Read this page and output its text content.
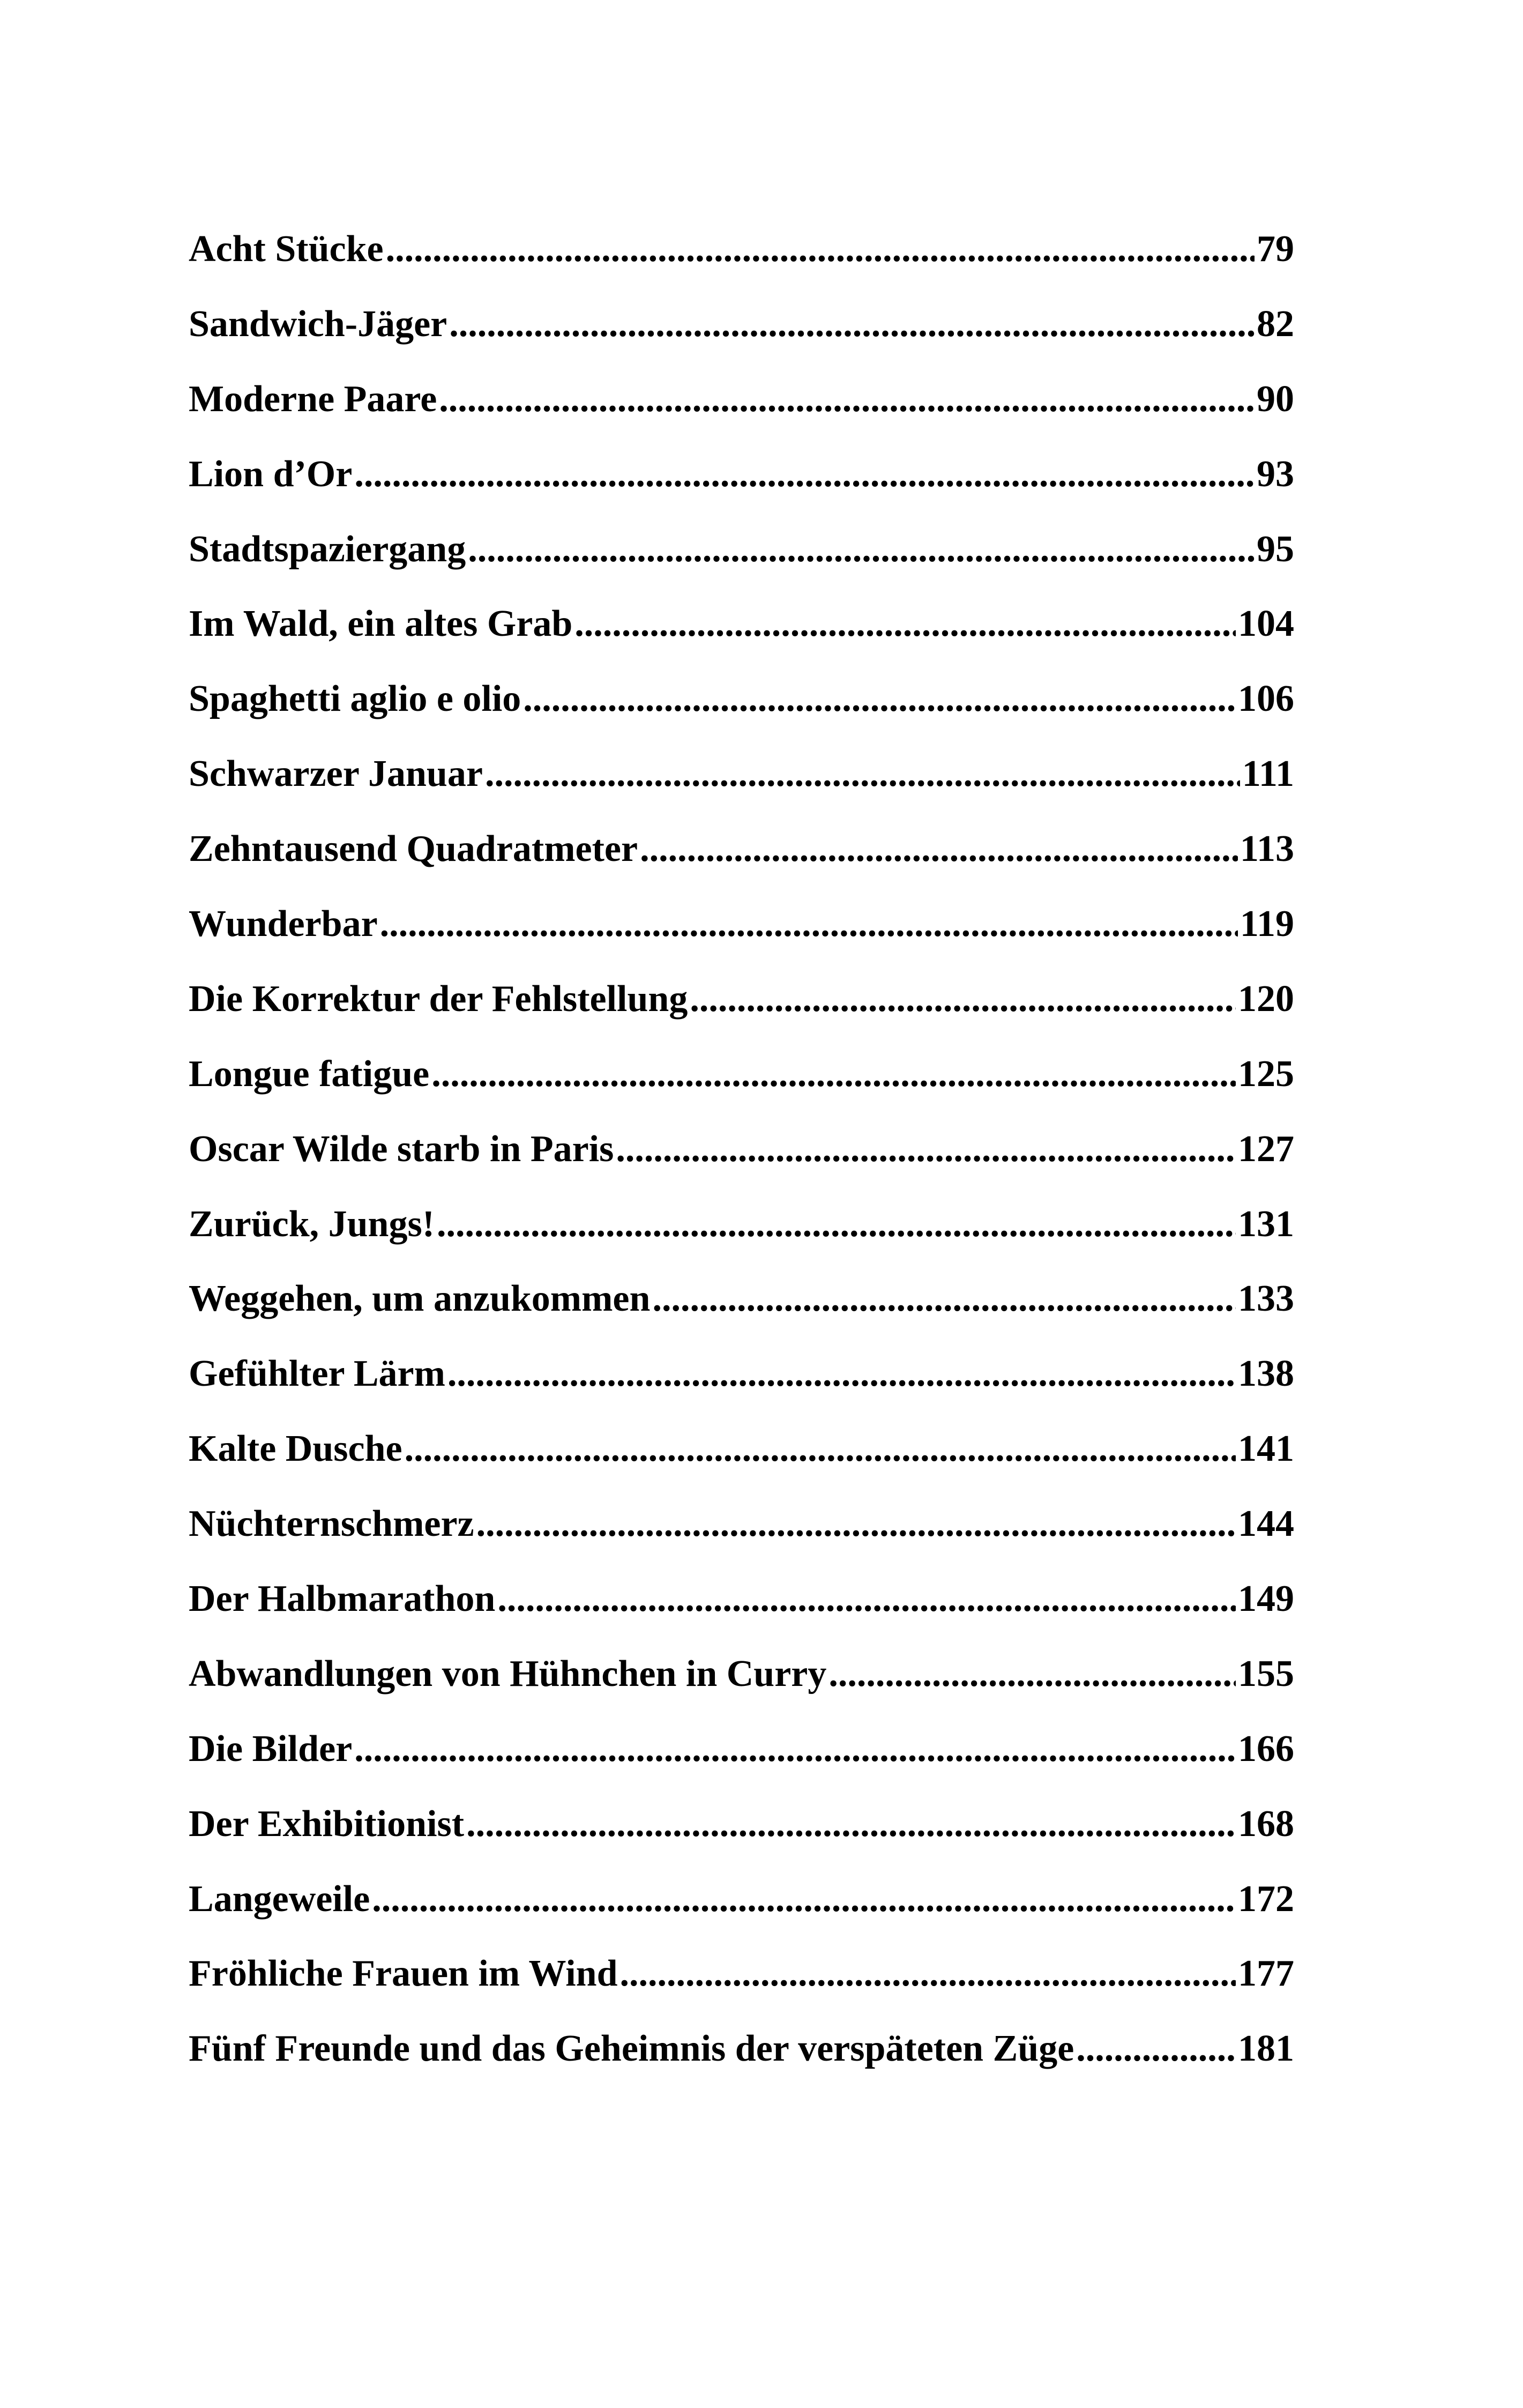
Acht Stücke .....	79
Sandwich-Jäger .....	82
Moderne Paare .....	90
Lion d’Or .....	93
Stadtspaziergang .....	95
Im Wald, ein altes Grab .....	104
Spaghetti aglio e olio .....	106
Schwarzer Januar .....	111
Zehntausend Quadratmeter .....	113
Wunderbar .....	119
Die Korrektur der Fehlstellung .....	120
Longue fatigue .....	125
Oscar Wilde starb in Paris .....	127
Zurück, Jungs! .....	131
Weggehen, um anzukommen .....	133
Gefühlter Lärm .....	138
Kalte Dusche .....	141
Nüchternschmerz .....	144
Der Halbmarathon .....	149
Abwandlungen von Hühnchen in Curry .....	155
Die Bilder .....	166
Der Exhibitionist .....	168
Langeweile .....	172
Fröhliche Frauen im Wind .....	177
Fünf Freunde und das Geheimnis der verspäteten Züge .....	181
